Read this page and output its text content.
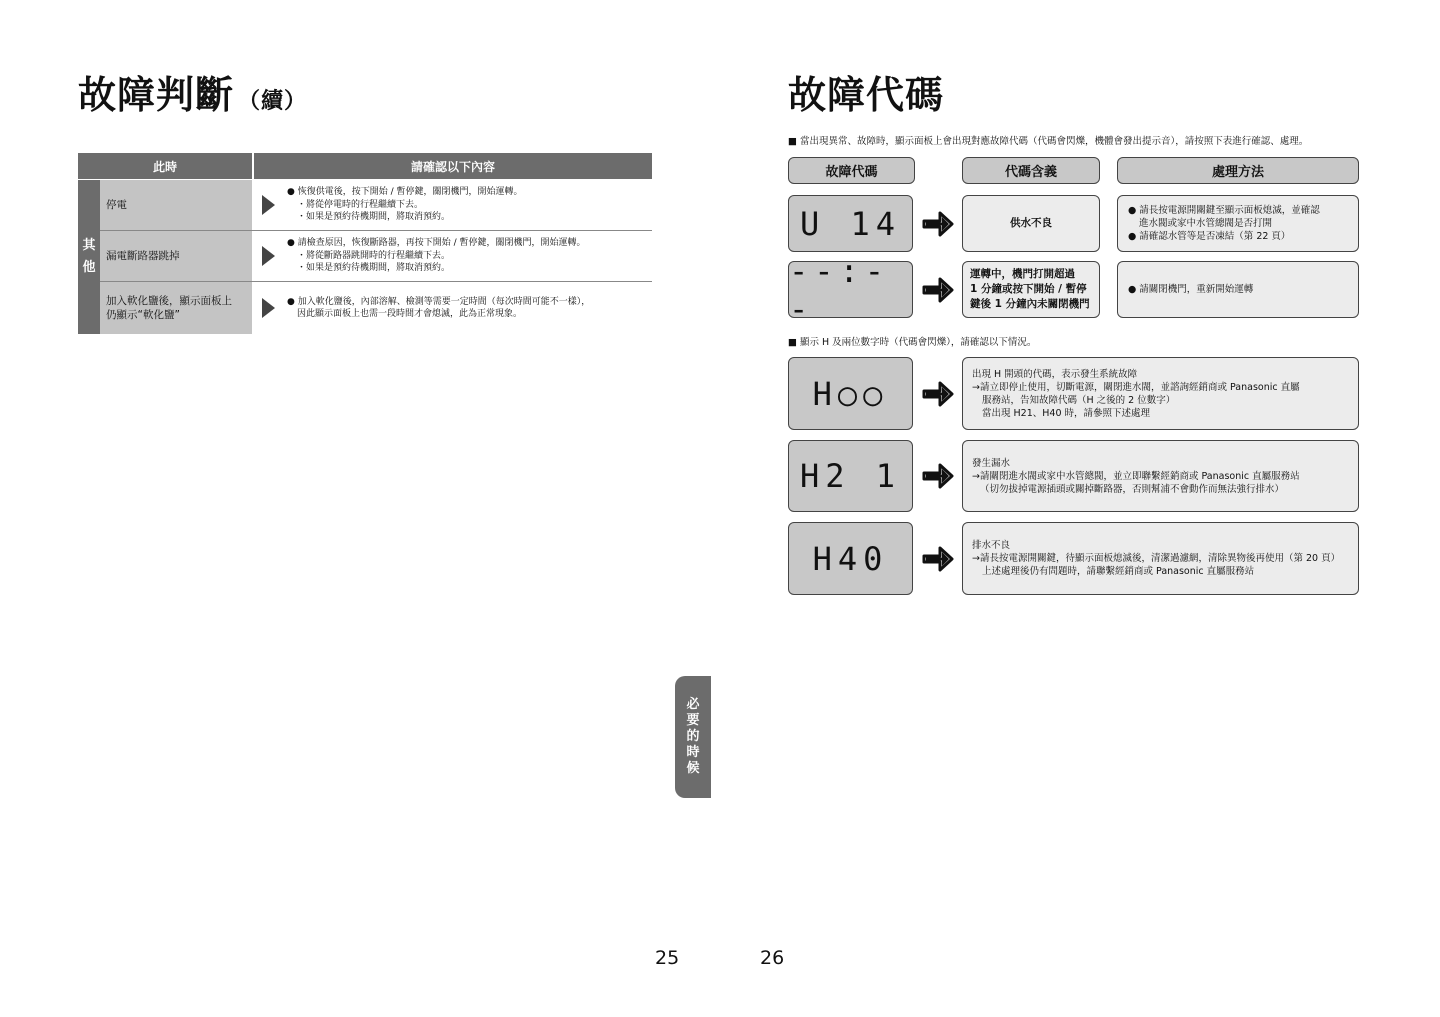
故障判斷 （續）
此時	請確認以下內容
其
他
停電
● 恢復供電後，按下開始 / 暫停鍵，關閉機門，開始運轉。
・將從停電時的行程繼續下去。
・如果是預約待機期間，將取消預約。
漏電斷路器跳掉
● 請檢查原因，恢復斷路器，再按下開始 / 暫停鍵，關閉機門，開始運轉。
・將從斷路器跳開時的行程繼續下去。
・如果是預約待機期間，將取消預約。
加入軟化鹽後，顯示面板上
仍顯示“軟化鹽”
● 加入軟化鹽後，內部溶解、檢測等需要一定時間（每次時間可能不一樣），
因此顯示面板上也需一段時間才會熄滅，此為正常現象。
必
要
的
時
候
25	26
故障代碼
■ 當出現異常、故障時，顯示面板上會出現對應故障代碼（代碼會閃爍，機體會發出提示音），請按照下表進行確認、處理。
故障代碼	代碼含義	處理方法
U 14	供水不良
● 請長按電源開關鍵至顯示面板熄滅，並確認
進水閥或家中水管總閥是否打開
● 請確認水管等是否凍結（第 22 頁）
--:--
運轉中，機門打開超過
1 分鐘或按下開始 / 暫停
鍵後 1 分鐘內未關閉機門
● 請關閉機門，重新開始運轉
■ 顯示 H 及兩位數字時（代碼會閃爍），請確認以下情況。
H○○
出現 H 開頭的代碼，表示發生系統故障
→請立即停止使用，切斷電源，關閉進水閥，並諮詢經銷商或 Panasonic 直屬
服務站，告知故障代碼（H 之後的 2 位數字）
當出現 H21、H40 時，請參照下述處理
H2 1	發生漏水
→請關閉進水閥或家中水管總閥，並立即聯繫經銷商或 Panasonic 直屬服務站
（切勿拔掉電源插頭或關掉斷路器，否則幫浦不會動作而無法強行排水）
H40	排水不良
→請長按電源開關鍵，待顯示面板熄滅後，清潔過濾網，清除異物後再使用（第 20 頁）
上述處理後仍有問題時，請聯繫經銷商或 Panasonic 直屬服務站
